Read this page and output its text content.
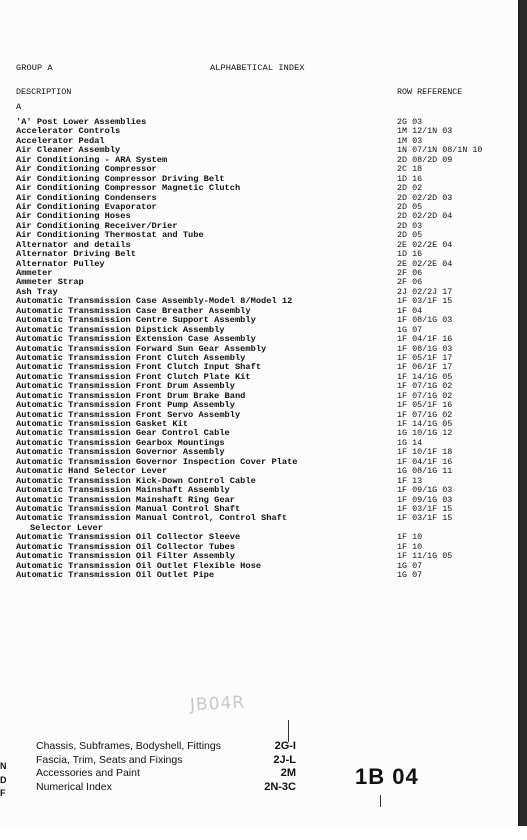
GROUP A	ALPHABETICAL INDEX
DESCRIPTION	ROW REFERENCE
A
'A' Post Lower Assemblies	2G 03
Accelerator Controls	1M 12/1N 03
Accelerator Pedal	1M 03
Air Cleaner Assembly	1N 07/1N 08/1N 10
Air Conditioning - ARA System	2D 08/2D 09
Air Conditioning Compressor	2C 18
Air Conditioning Compressor Driving Belt	1D 16
Air Conditioning Compressor Magnetic Clutch	2D 02
Air Conditioning Condensers	2D 02/2D 03
Air Conditioning Evaporator	2D 05
Air Conditioning Hoses	2D 02/2D 04
Air Conditioning Receiver/Drier	2D 03
Air Conditioning Thermostat and Tube	2D 05
Alternator and details	2E 02/2E 04
Alternator Driving Belt	1D 16
Alternator Pulley	2E 02/2E 04
Ammeter	2F 06
Ammeter Strap	2F 06
Ash Tray	2J 02/2J 17
Automatic Transmission Case Assembly-Model 8/Model 12	1F 03/1F 15
Automatic Transmission Case Breather Assembly	1F 04
Automatic Transmission Centre Support Assembly	1F 08/1G 03
Automatic Transmission Dipstick Assembly	1G 07
Automatic Transmission Extension Case Assembly	1F 04/1F 16
Automatic Transmission Forward Sun Gear Assembly	1F 08/1G 03
Automatic Transmission Front Clutch Assembly	1F 05/1F 17
Automatic Transmission Front Clutch Input Shaft	1F 06/1F 17
Automatic Transmission Front Clutch Plate Kit	1F 14/1G 05
Automatic Transmission Front Drum Assembly	1F 07/1G 02
Automatic Transmission Front Drum Brake Band	1F 07/1G 02
Automatic Transmission Front Pump Assembly	1F 05/1F 16
Automatic Transmission Front Servo Assembly	1F 07/1G 02
Automatic Transmission Gasket Kit	1F 14/1G 05
Automatic Transmission Gear Control Cable	1G 10/1G 12
Automatic Transmission Gearbox Mountings	1G 14
Automatic Transmission Governor Assembly	1F 10/1F 18
Automatic Transmission Governor Inspection Cover Plate	1F 04/1F 16
Automatic Hand Selector Lever	1G 08/1G 11
Automatic Transmission Kick-Down Control Cable	1F 13
Automatic Transmission Mainshaft Assembly	1F 09/1G 03
Automatic Transmission Mainshaft Ring Gear	1F 09/1G 03
Automatic Transmission Manual Control Shaft	1F 03/1F 15
Automatic Transmission Manual Control, Control Shaft	1F 03/1F 15
Selector Lever
Automatic Transmission Oil Collector Sleeve	1F 10
Automatic Transmission Oil Collector Tubes	1F 10
Automatic Transmission Oil Filter Assembly	1F 11/1G 05
Automatic Transmission Oil Outlet Flexible Hose	1G 07
Automatic Transmission Oil Outlet Pipe	1G 07
JB04R
Chassis, Subframes, Bodyshell, Fittings	2G-I
Fascia, Trim, Seats and Fixings	2J-L
Accessories and Paint	2M
Numerical Index	2N-3C
N
D
F
1B 04
